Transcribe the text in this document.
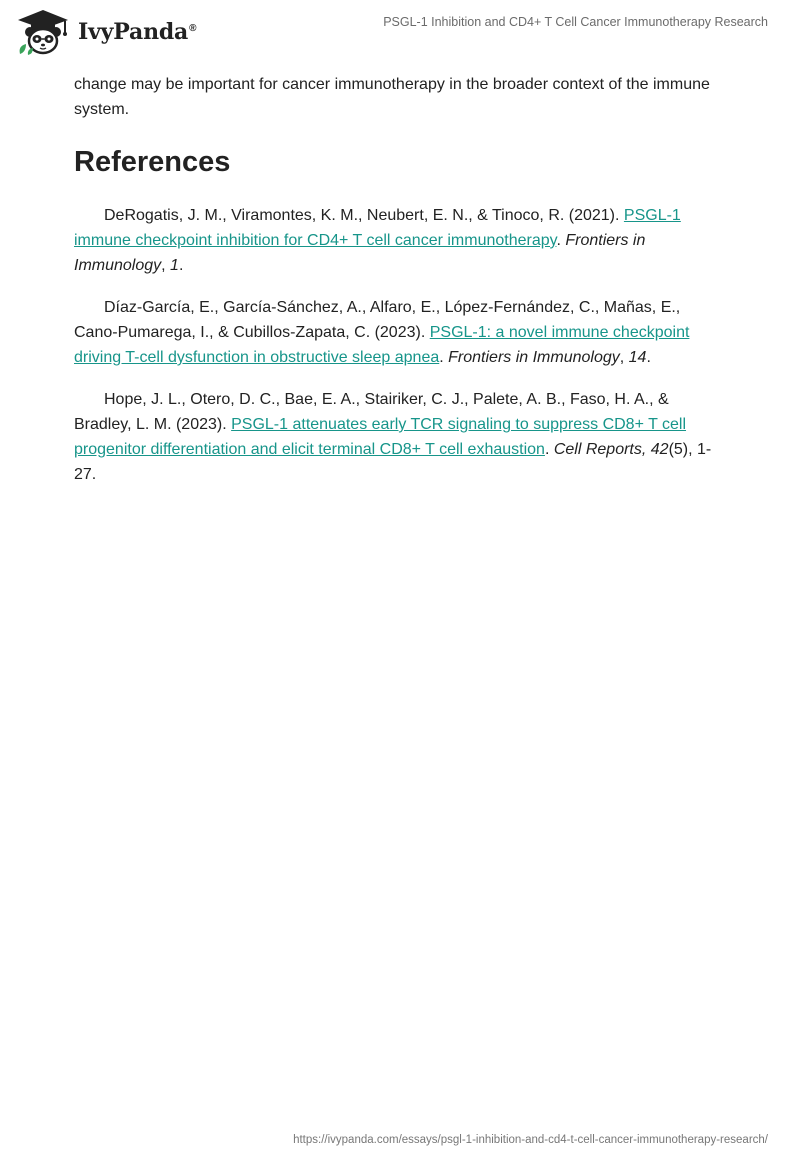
IvyPanda®	PSGL-1 Inhibition and CD4+ T Cell Cancer Immunotherapy Research

change may be important for cancer immunotherapy in the broader context of the immune system.

References

DeRogatis, J. M., Viramontes, K. M., Neubert, E. N., & Tinoco, R. (2021). PSGL-1 immune checkpoint inhibition for CD4+ T cell cancer immunotherapy. Frontiers in Immunology, 1.

Díaz-García, E., García-Sánchez, A., Alfaro, E., López-Fernández, C., Mañas, E., Cano-Pumarega, I., & Cubillos-Zapata, C. (2023). PSGL-1: a novel immune checkpoint driving T-cell dysfunction in obstructive sleep apnea. Frontiers in Immunology, 14.

Hope, J. L., Otero, D. C., Bae, E. A., Stairiker, C. J., Palete, A. B., Faso, H. A., & Bradley, L. M. (2023). PSGL-1 attenuates early TCR signaling to suppress CD8+ T cell progenitor differentiation and elicit terminal CD8+ T cell exhaustion. Cell Reports, 42(5), 1-27.

https://ivypanda.com/essays/psgl-1-inhibition-and-cd4-t-cell-cancer-immunotherapy-research/
